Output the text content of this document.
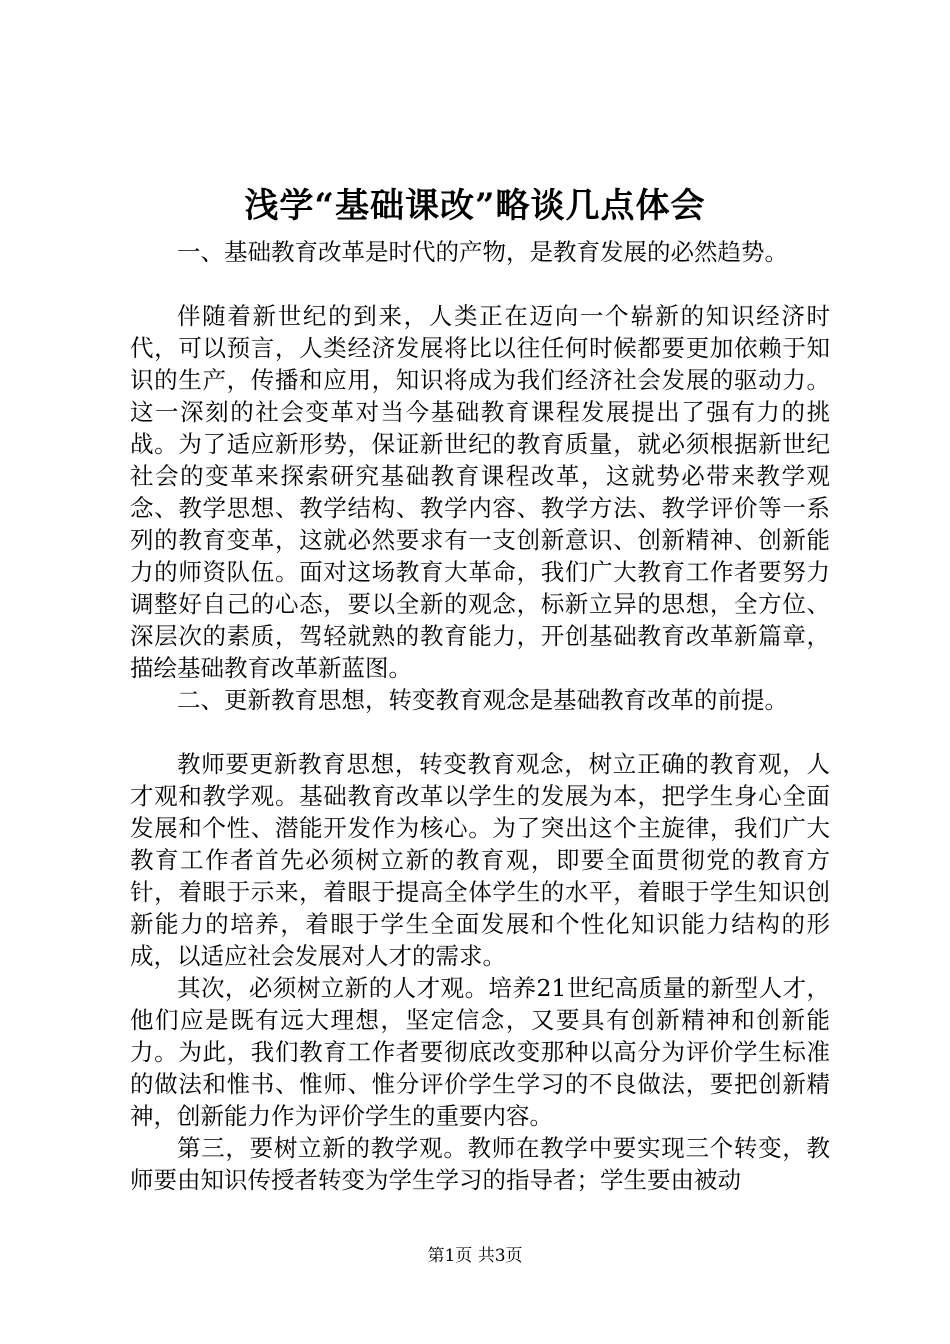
浅学“基础课改”略谈几点体会

一、基础教育改革是时代的产物，是教育发展的必然趋势。

伴随着新世纪的到来，人类正在迈向一个崭新的知识经济时代，可以预言，人类经济发展将比以往任何时候都要更加依赖于知识的生产，传播和应用，知识将成为我们经济社会发展的驱动力。这一深刻的社会变革对当今基础教育课程发展提出了强有力的挑战。为了适应新形势，保证新世纪的教育质量，就必须根据新世纪社会的变革来探索研究基础教育课程改革，这就势必带来教学观念、教学思想、教学结构、教学内容、教学方法、教学评价等一系列的教育变革，这就必然要求有一支创新意识、创新精神、创新能力的师资队伍。面对这场教育大革命，我们广大教育工作者要努力调整好自己的心态，要以全新的观念，标新立异的思想，全方位、深层次的素质，驾轻就熟的教育能力，开创基础教育改革新篇章，描绘基础教育改革新蓝图。

二、更新教育思想，转变教育观念是基础教育改革的前提。

教师要更新教育思想，转变教育观念，树立正确的教育观，人才观和教学观。基础教育改革以学生的发展为本，把学生身心全面发展和个性、潜能开发作为核心。为了突出这个主旋律，我们广大教育工作者首先必须树立新的教育观，即要全面贯彻党的教育方针，着眼于示来，着眼于提高全体学生的水平，着眼于学生知识创新能力的培养，着眼于学生全面发展和个性化知识能力结构的形成，以适应社会发展对人才的需求。

其次，必须树立新的人才观。培养21世纪高质量的新型人才，他们应是既有远大理想，坚定信念，又要具有创新精神和创新能力。为此，我们教育工作者要彻底改变那种以高分为评价学生标准的做法和惟书、惟师、惟分评价学生学习的不良做法，要把创新精神，创新能力作为评价学生的重要内容。

第三，要树立新的教学观。教师在教学中要实现三个转变，教师要由知识传授者转变为学生学习的指导者；学生要由被动

第1页 共3页
